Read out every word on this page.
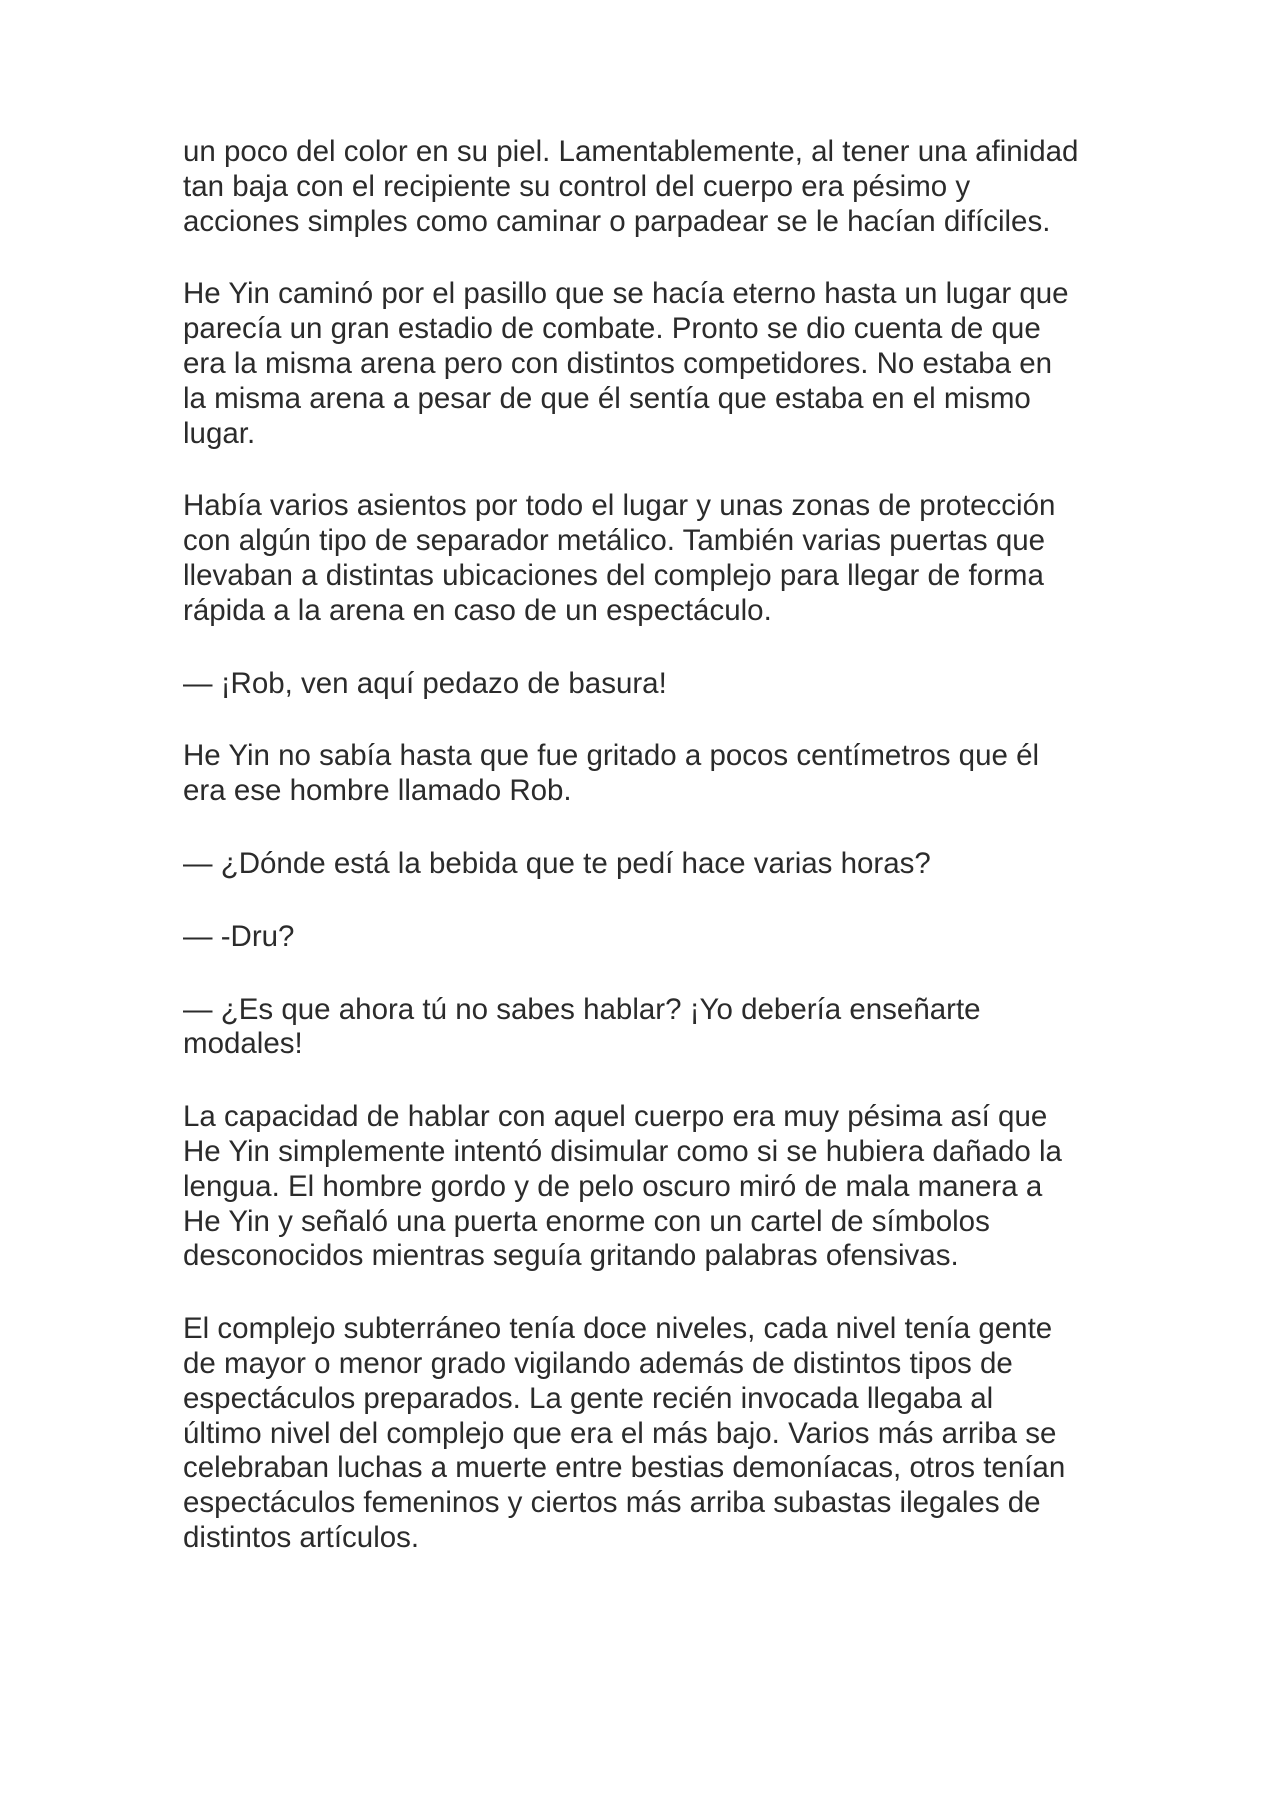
un poco del color en su piel. Lamentablemente, al tener una afinidad
tan baja con el recipiente su control del cuerpo era pésimo y
acciones simples como caminar o parpadear se le hacían difíciles.

He Yin caminó por el pasillo que se hacía eterno hasta un lugar que
parecía un gran estadio de combate. Pronto se dio cuenta de que
era la misma arena pero con distintos competidores. No estaba en
la misma arena a pesar de que él sentía que estaba en el mismo
lugar.

Había varios asientos por todo el lugar y unas zonas de protección
con algún tipo de separador metálico. También varias puertas que
llevaban a distintas ubicaciones del complejo para llegar de forma
rápida a la arena en caso de un espectáculo.

— ¡Rob, ven aquí pedazo de basura!

He Yin no sabía hasta que fue gritado a pocos centímetros que él
era ese hombre llamado Rob.

— ¿Dónde está la bebida que te pedí hace varias horas?

— -Dru?

— ¿Es que ahora tú no sabes hablar? ¡Yo debería enseñarte
modales!

La capacidad de hablar con aquel cuerpo era muy pésima así que
He Yin simplemente intentó disimular como si se hubiera dañado la
lengua. El hombre gordo y de pelo oscuro miró de mala manera a
He Yin y señaló una puerta enorme con un cartel de símbolos
desconocidos mientras seguía gritando palabras ofensivas.

El complejo subterráneo tenía doce niveles, cada nivel tenía gente
de mayor o menor grado vigilando además de distintos tipos de
espectáculos preparados. La gente recién invocada llegaba al
último nivel del complejo que era el más bajo. Varios más arriba se
celebraban luchas a muerte entre bestias demoníacas, otros tenían
espectáculos femeninos y ciertos más arriba subastas ilegales de
distintos artículos.
